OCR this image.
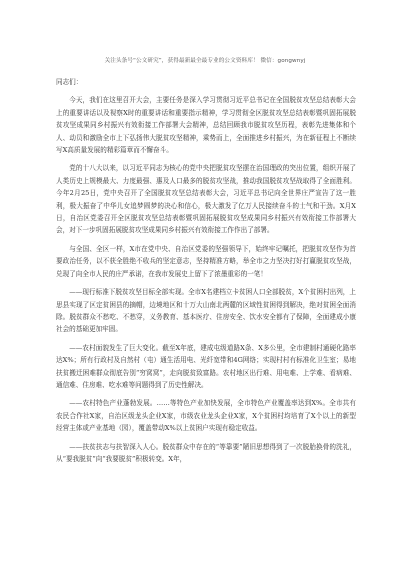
关注头条号“公文研究”，获得最新最全最专业的公文资料库！ 微信：gongwnyj

同志们：

今天，我们在这里召开大会，主要任务是深入学习贯彻习近平总书记在全国脱贫攻坚总结表彰大会上的重要讲话以及视察X时的重要讲话和重要指示精神，学习贯彻全区脱贫攻坚总结表彰暨巩固拓展脱贫攻坚成果同乡村振兴有效衔接工作部署大会精神，总结回顾我市脱贫攻坚历程，表彰先进集体和个人、动员和激励全市上下弘扬伟大脱贫攻坚精神，乘势而上，全面推进乡村振兴，为在新征程上不断续写X高质量发展的精彩篇章而不懈奋斗。

党的十八大以来，以习近平同志为核心的党中央把脱贫攻坚摆在治国理政的突出位置，组织开展了人类历史上规模最大、力度最强、惠及人口最多的脱贫攻坚战，推动我国脱贫攻坚战取得了全面胜利。今年2月25日，党中央召开了全国脱贫攻坚总结表彰大会，习近平总书记向全世界庄严宣告了这一胜利，极大振奋了中华儿女追梦圆梦的决心和信心，极大激发了亿万人民接续奋斗的士气和干劲。X月X日，自治区党委召开全区脱贫攻坚总结表彰暨巩固拓展脱贫攻坚成果同乡村振兴有效衔接工作部署大会，对下一步巩固拓展脱贫攻坚成果同乡村振兴有效衔接工作作出了部署。

与全国、全区一样，X市在党中央、自治区党委的坚强领导下，始终牢记嘱托，把脱贫攻坚作为首要政治任务，以不获全胜绝不收兵的坚定意志，坚持精准方略，举全市之力坚决打好打赢脱贫攻坚战，兑现了向全市人民的庄严承诺，在我市发展史上留下了浓墨重彩的一笔！

——现行标准下脱贫攻坚目标全部实现。全市X名建档立卡贫困人口全部脱贫，X个贫困村出列，上思县实现了区定贫困县的摘帽，边境地区和十万大山南北两麓的区域性贫困得到解决，绝对贫困全面消除。脱贫群众不愁吃、不愁穿，义务教育、基本医疗、住房安全、饮水安全都有了保障，全面建成小康社会的基础更加牢固。

——农村面貌发生了巨大变化。截至X年底，建成屯级道路X条、X多公里，全市建制村通硬化路率达X%；所有行政村及自然村（屯）通生活用电、光纤宽带和4G网络；实现村村有标准化卫生室；易地扶贫搬迁困难群众彻底告别“穷窝窝”，走向脱贫致富路。农村地区出行难、用电难、上学难、看病难、通信难、住房难、吃水难等问题得到了历史性解决。

——农村特色产业蓬勃发展。……等特色产业加快发展，全市特色产业覆盖率达到X%。全市共有农民合作社X家，自治区级龙头企业X家，市级农业龙头企业X家，X个贫困村均培育了X个以上的新型经营主体或产业基地（园），覆盖带动X%以上贫困户实现有稳定收益。

——扶贫扶志与扶智深入人心。脱贫群众中存在的“等靠要”陋旧思想得到了一次脱胎换骨的洗礼，从“要我脱贫”向“我要脱贫”积极转变。X年，
